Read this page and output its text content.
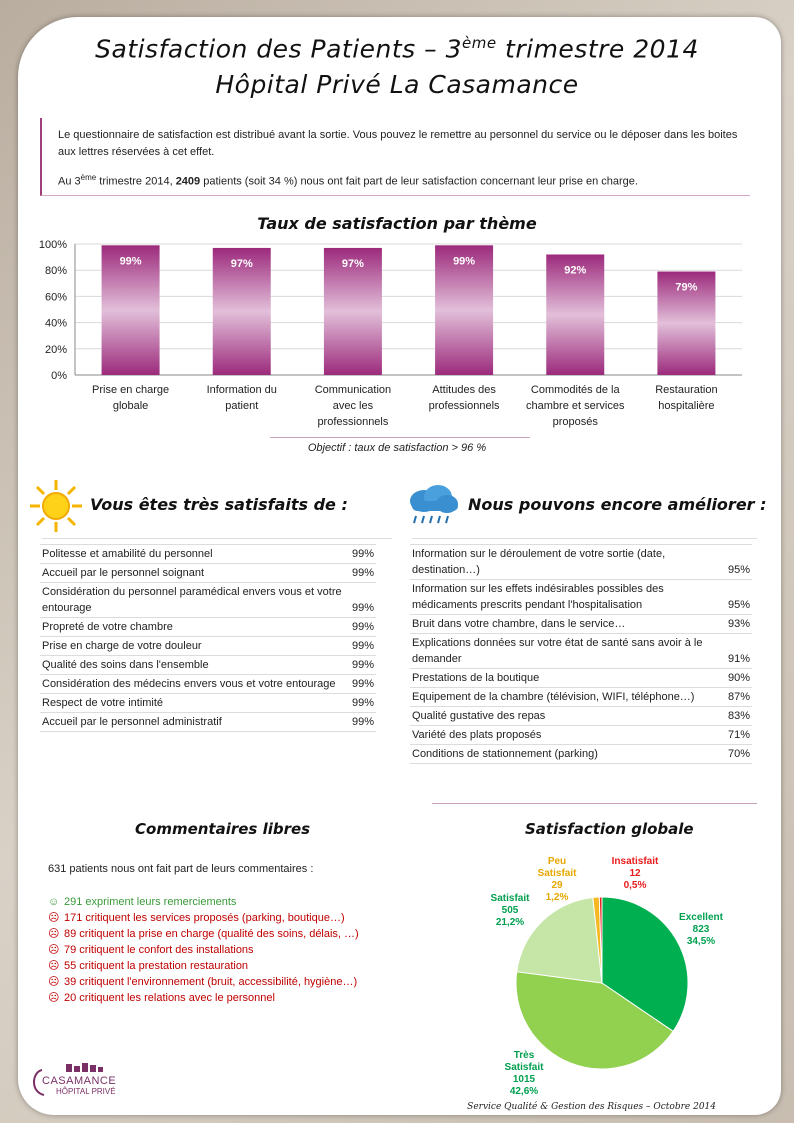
Satisfaction des Patients – 3ème trimestre 2014
Hôpital Privé La Casamance

Le questionnaire de satisfaction est distribué avant la sortie. Vous pouvez le remettre au personnel du service ou le déposer dans les boites aux lettres réservées à cet effet.

Au 3ème trimestre 2014, 2409 patients (soit 34 %) nous ont fait part de leur satisfaction concernant leur prise en charge.

Taux de satisfaction par thème
0%
20%
40%
60%
80%
100%
99%
Prise en charge globale
97%
Information du patient
97%
Communication avec les professionnels
99%
Attitudes des professionnels
92%
Commodités de la chambre et services proposés
79%
Restauration hospitalière
Objectif : taux de satisfaction > 96 %
Vous êtes très satisfaits de :
Politesse et amabilité du personnel	99%
Accueil par le personnel soignant	99%
Considération du personnel paramédical envers vous et votre entourage	99%
Propreté de votre chambre	99%
Prise en charge de votre douleur	99%
Qualité des soins dans l'ensemble	99%
Considération des médecins envers vous et votre entourage	99%
Respect de votre intimité	99%
Accueil par le personnel administratif	99%
Nous pouvons encore améliorer :
Information sur le déroulement de votre sortie (date, destination…)	95%
Information sur les effets indésirables possibles des médicaments prescrits pendant l'hospitalisation	95%
Bruit dans votre chambre, dans le service…	93%
Explications données sur votre état de santé sans avoir à le demander	91%
Prestations de la boutique	90%
Equipement de la chambre (télévision, WIFI, téléphone…)	87%
Qualité gustative des repas	83%
Variété des plats proposés	71%
Conditions de stationnement (parking)	70%
Commentaires libres
631 patients nous ont fait part de leurs commentaires :
☺ 291 expriment leurs remerciements
☹ 171 critiquent les services proposés (parking, boutique…)
☹ 89 critiquent la prise en charge (qualité des soins, délais, …)
☹ 79 critiquent le confort des installations
☹ 55 critiquent la prestation restauration
☹ 39 critiquent l'environnement (bruit, accessibilité, hygiène…)
☹ 20 critiquent les relations avec le personnel
Satisfaction globale
Excellent
823
34,5%
Très Satisfait
1015
42,6%
Satisfait
505
21,2%
Peu Satisfait
29
1,2%
Insatisfait
12
0,5%
CASAMANCE
HÔPITAL PRIVÉ
Service Qualité & Gestion des Risques – Octobre 2014
